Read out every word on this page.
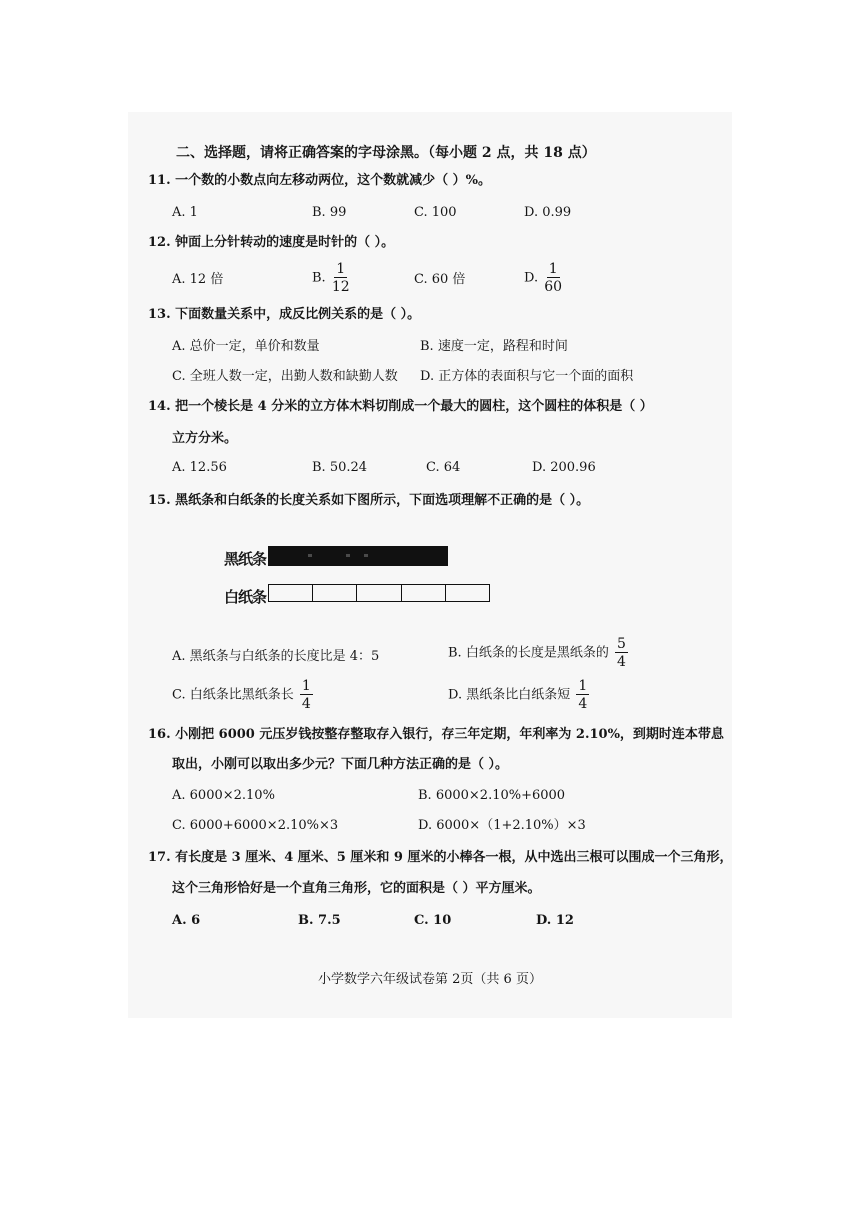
二、选择题，请将正确答案的字母涂黑。（每小题 2 点，共 18 点）
11. 一个数的小数点向左移动两位，这个数就减少（ ）%。
A. 1	B. 99	C. 100	D. 0.99
12. 钟面上分针转动的速度是时针的（ ）。
A. 12 倍	B. $\frac{1}{12}$	C. 60 倍	D. $\frac{1}{60}$
13. 下面数量关系中，成反比例关系的是（ ）。
A. 总价一定，单价和数量	B. 速度一定，路程和时间
C. 全班人数一定，出勤人数和缺勤人数 D. 正方体的表面积与它一个面的面积
14. 把一个棱长是 4 分米的立方体木料切削成一个最大的圆柱，这个圆柱的体积是（ ）
立方分米。
A. 12.56	B. 50.24	C. 64	D. 200.96
15. 黑纸条和白纸条的长度关系如下图所示，下面选项理解不正确的是（ ）。
黑纸条
白纸条
A. 黑纸条与白纸条的长度比是 4：5	B. 白纸条的长度是黑纸条的 $\frac{5}{4}$
C. 白纸条比黑纸条长 $\frac{1}{4}$	D. 黑纸条比白纸条短 $\frac{1}{4}$
16. 小刚把 6000 元压岁钱按整存整取存入银行，存三年定期，年利率为 2.10%，到期时连本带息
取出，小刚可以取出多少元？下面几种方法正确的是（ ）。
A. 6000×2.10%	B. 6000×2.10%+6000
C. 6000+6000×2.10%×3	D. 6000×（1+2.10%）×3
17. 有长度是 3 厘米、4 厘米、5 厘米和 9 厘米的小棒各一根，从中选出三根可以围成一个三角形，
这个三角形恰好是一个直角三角形，它的面积是（ ）平方厘米。
A. 6	B. 7.5	C. 10	D. 12
小学数学六年级试卷第 2页（共 6 页）
